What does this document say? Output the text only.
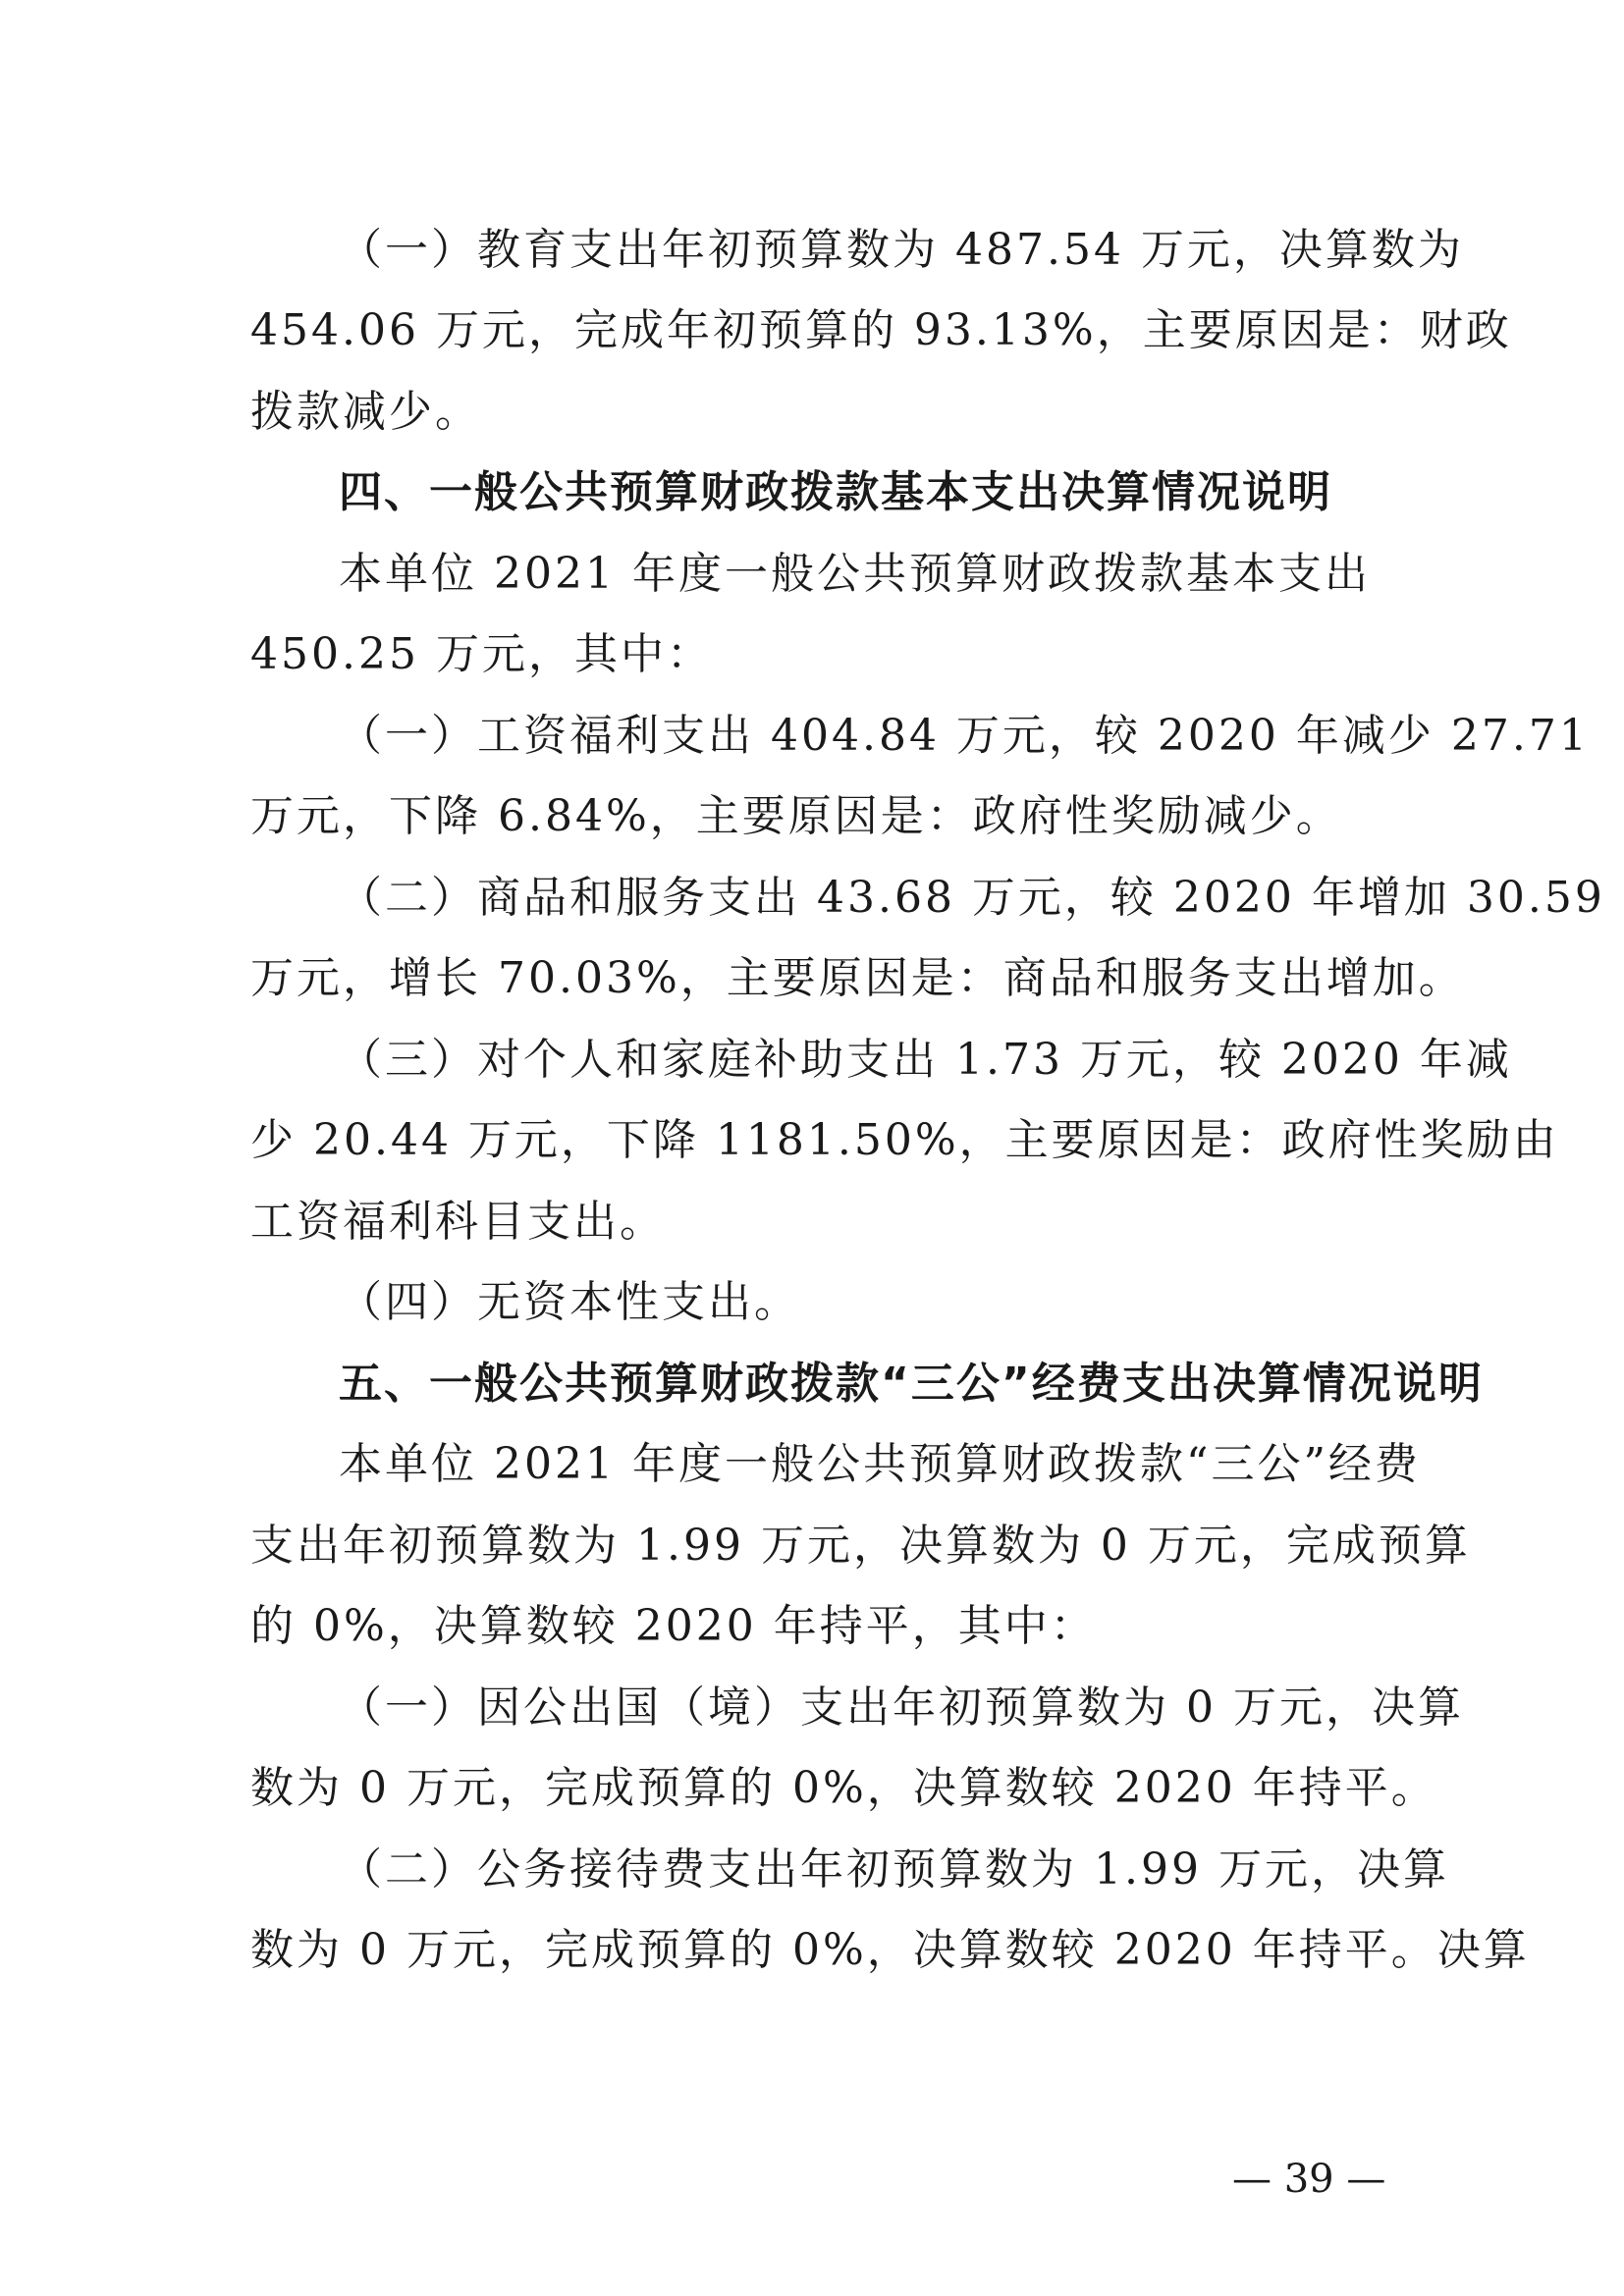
（一）教育支出年初预算数为 487.54 万元，决算数为
454.06 万元，完成年初预算的 93.13%，主要原因是：财政
拨款减少。
四、一般公共预算财政拨款基本支出决算情况说明
本单位 2021 年度一般公共预算财政拨款基本支出
450.25 万元，其中：
（一）工资福利支出 404.84 万元，较 2020 年减少 27.71
万元，下降 6.84%，主要原因是：政府性奖励减少。
（二）商品和服务支出 43.68 万元，较 2020 年增加 30.59
万元，增长 70.03%，主要原因是：商品和服务支出增加。
（三）对个人和家庭补助支出 1.73 万元，较 2020 年减
少 20.44 万元，下降 1181.50%，主要原因是：政府性奖励由
工资福利科目支出。
（四）无资本性支出。
五、一般公共预算财政拨款“三公”经费支出决算情况说明
本单位 2021 年度一般公共预算财政拨款“三公”经费
支出年初预算数为 1.99 万元，决算数为 0 万元，完成预算
的 0%，决算数较 2020 年持平，其中：
（一）因公出国（境）支出年初预算数为 0 万元，决算
数为 0 万元，完成预算的 0%，决算数较 2020 年持平。
（二）公务接待费支出年初预算数为 1.99 万元，决算
数为 0 万元，完成预算的 0%，决算数较 2020 年持平。决算
— 39 —
